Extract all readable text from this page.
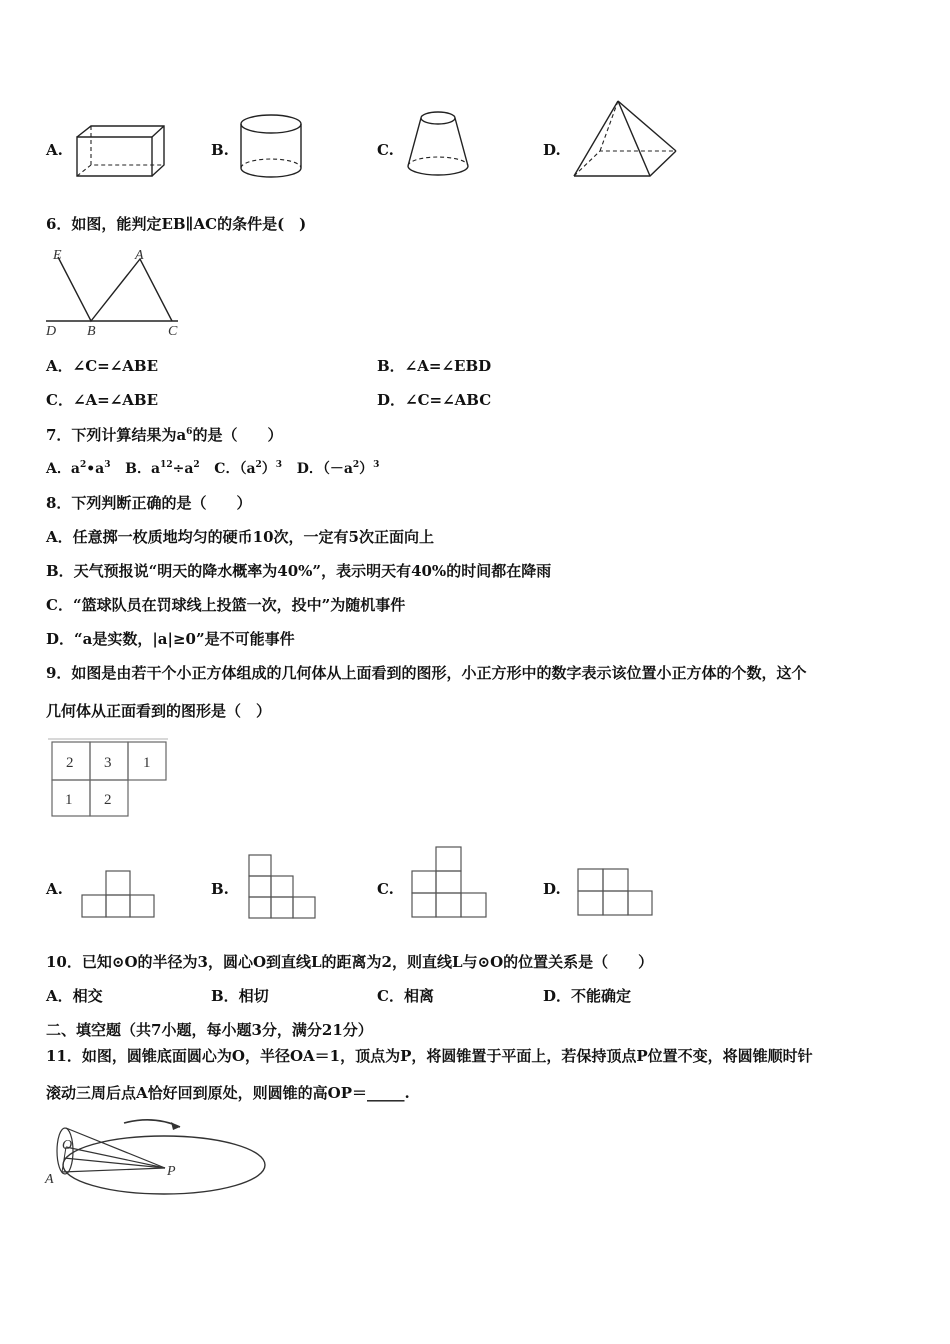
A.	B.	C.	D.
6．如图，能判定EB∥AC的条件是(　)
E	A
D B	C
A．∠C=∠ABE	B．∠A=∠EBD
C．∠A=∠ABE	D．∠C=∠ABC
7．下列计算结果为$a^6$的是（　　）
A．$a^2•a^3$ B．$a^{12}\div a^2$ C．$(a^2)^3$ D．$(-a^2)^3$
8．下列判断正确的是（　　）
A．任意掷一枚质地均匀的硬币10次，一定有5次正面向上
B．天气预报说“明天的降水概率为40%”，表示明天有40%的时间都在降雨
C．“篮球队员在罚球线上投篮一次，投中”为随机事件
D．“a是实数，|a|≥0”是不可能事件
9．如图是由若干个小正方体组成的几何体从上面看到的图形，小正方形中的数字表示该位置小正方体的个数，这个
几何体从正面看到的图形是（　）
2 3 1
1 2
A.	B.	C.	D.
10．已知⊙O的半径为3，圆心O到直线L的距离为2，则直线L与⊙O的位置关系是（　　）
A．相交	B．相切	C．相离	D．不能确定
二、填空题（共7小题，每小题3分，满分21分）
11．如图，圆锥底面圆心为O，半径OA＝1，顶点为P，将圆锥置于平面上，若保持顶点P位置不变，将圆锥顺时针
滚动三周后点A恰好回到原处，则圆锥的高OP＝_____.
O
A
P
